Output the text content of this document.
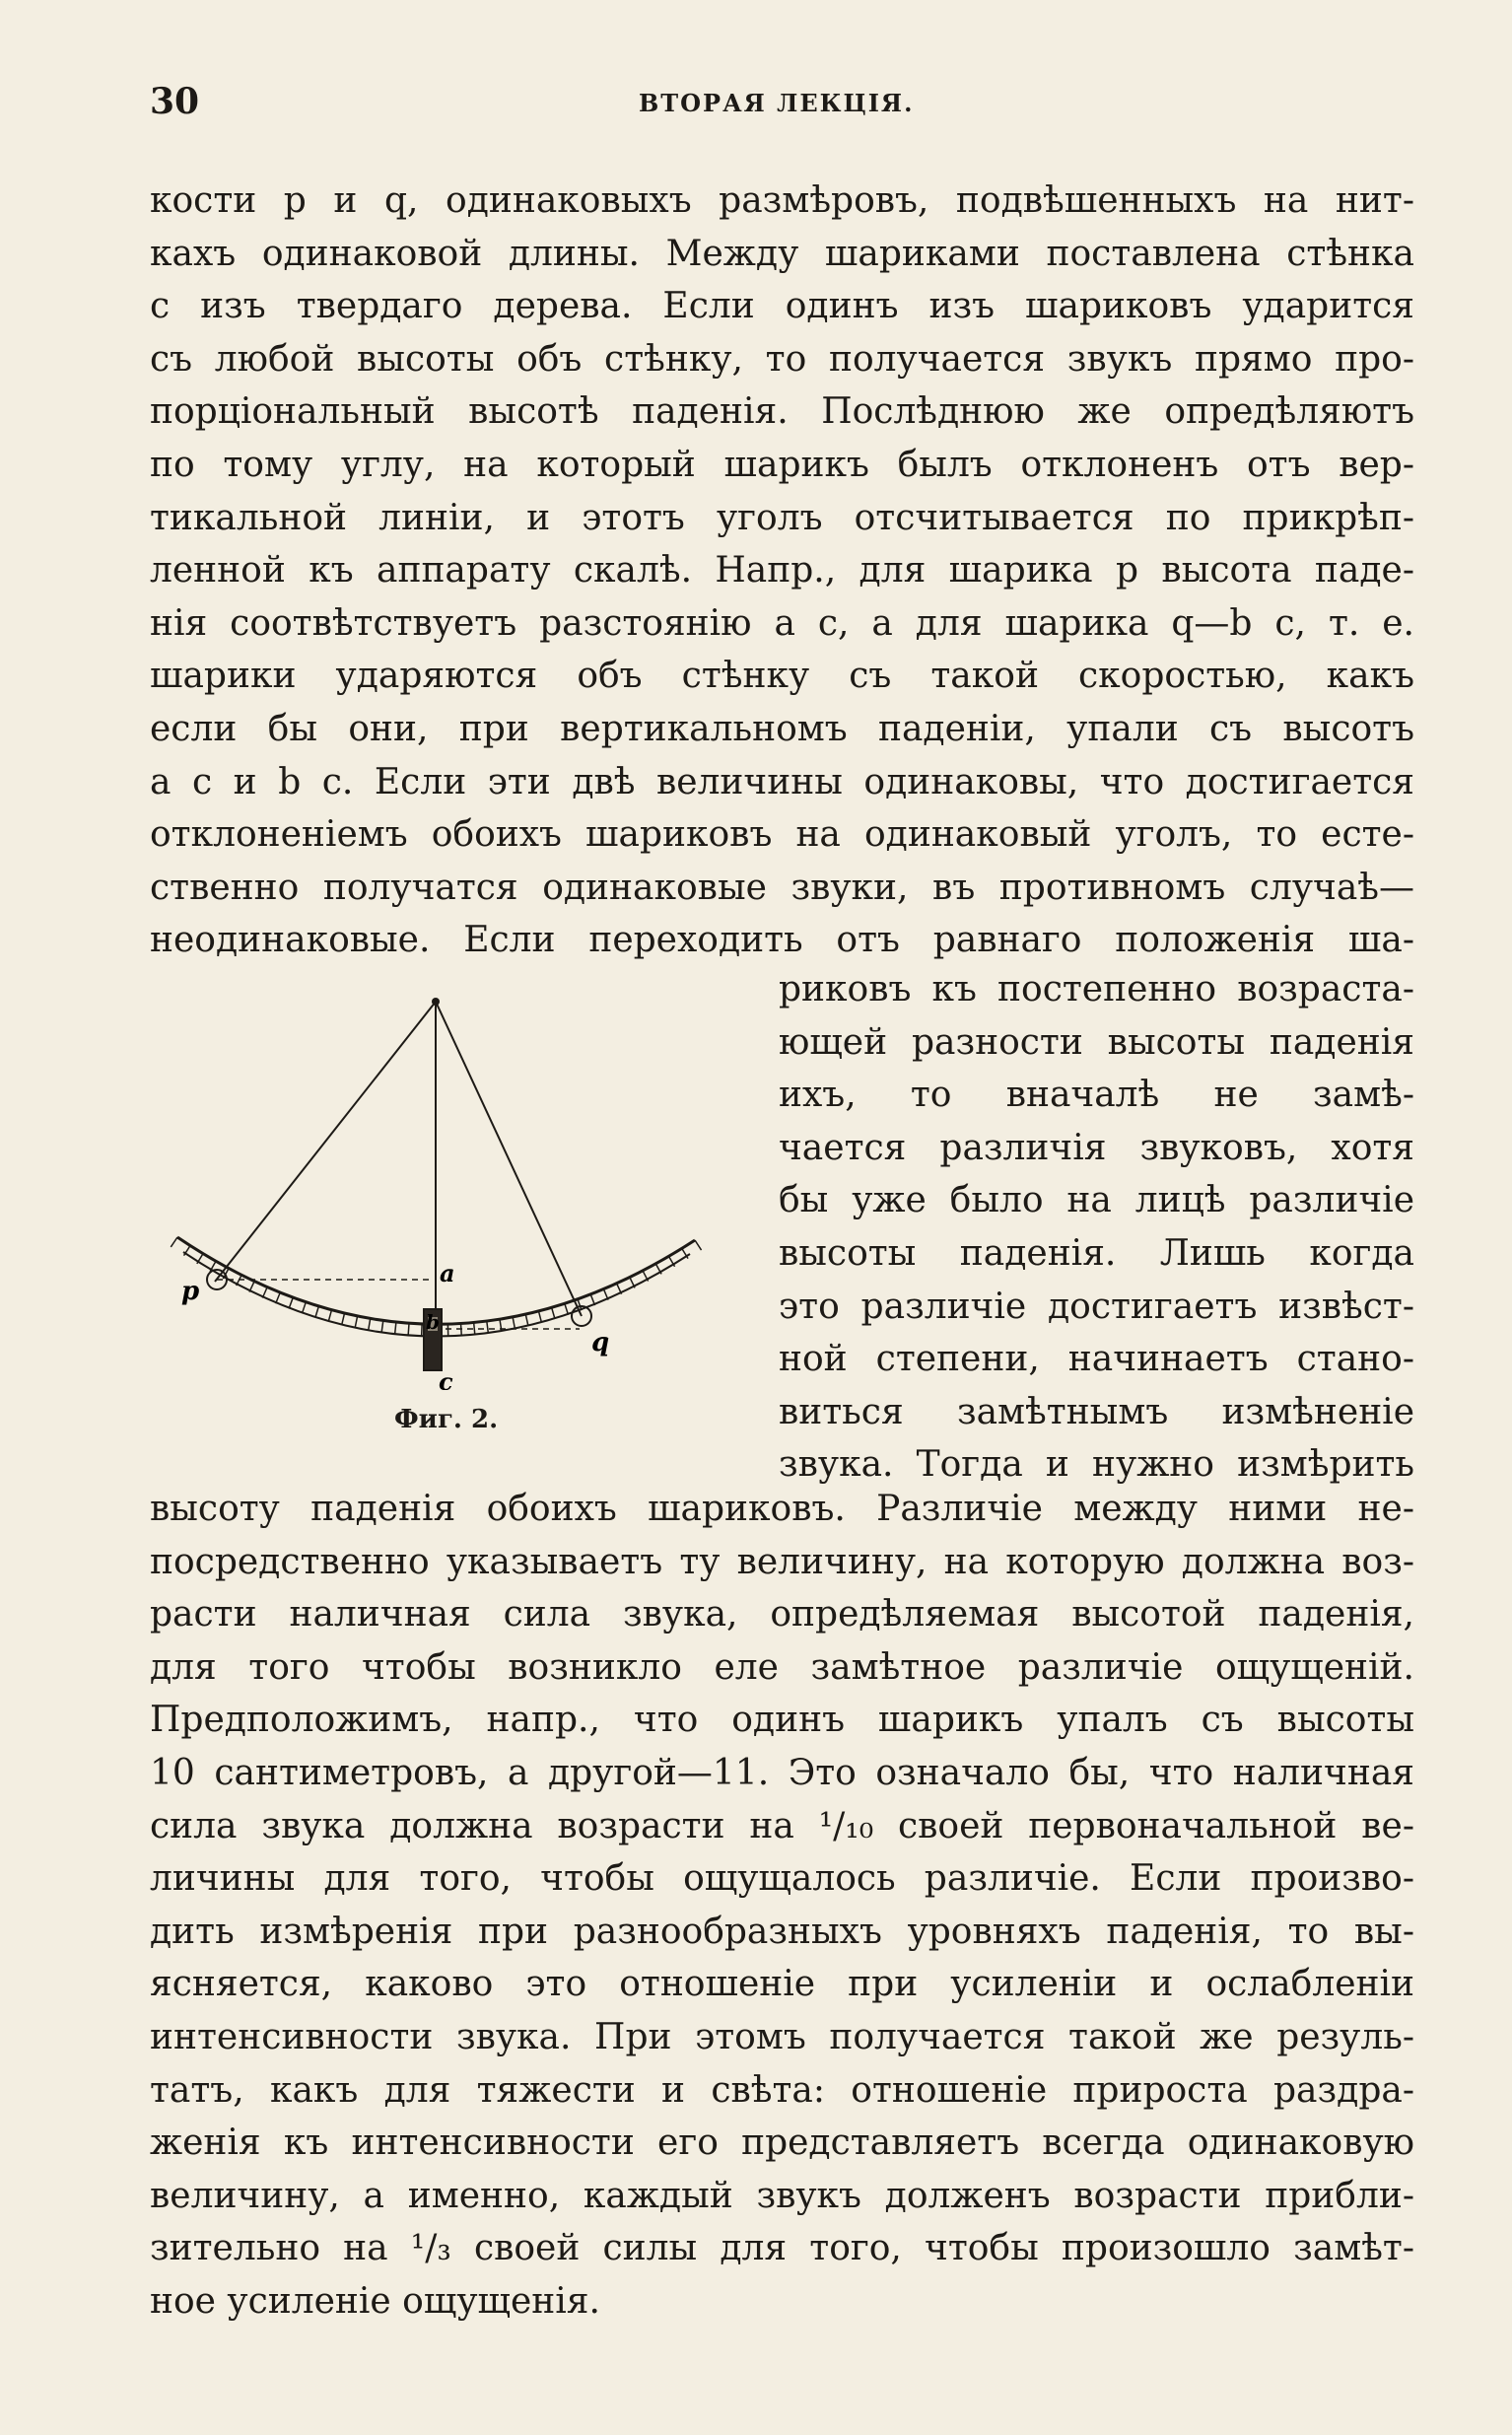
30	ВТОРАЯ ЛЕКЦІЯ.
кости p и q, одинаковыхъ размѣровъ, подвѣшенныхъ на нит-
кахъ одинаковой длины. Между шариками поставлена стѣнка
c изъ твердаго дерева. Если одинъ изъ шариковъ ударится
съ любой высоты объ стѣнку, то получается звукъ прямо про-
порціональный высотѣ паденія. Послѣднюю же опредѣляютъ
по тому углу, на который шарикъ былъ отклоненъ отъ вер-
тикальной линіи, и этотъ уголъ отсчитывается по прикрѣп-
ленной къ аппарату скалѣ. Напр., для шарика p высота паде-
нія соотвѣтствуетъ разстоянію a c, а для шарика q—b c, т. е.
шарики ударяются объ стѣнку съ такой скоростью, какъ
если бы они, при вертикальномъ паденіи, упали съ высотъ
a c и b c. Если эти двѣ величины одинаковы, что достигается
отклоненіемъ обоихъ шариковъ на одинаковый уголъ, то есте-
ственно получатся одинаковые звуки, въ противномъ случаѣ—
неодинаковые. Если переходить отъ равнаго положенія ша-
риковъ къ постепенно возраста-
ющей разности высоты паденія
ихъ, то вначалѣ не замѣ-
чается различія звуковъ, хотя
бы уже было на лицѣ различіе
высоты паденія. Лишь когда
это различіе достигаетъ извѣст-
ной степени, начинаетъ стано-
виться замѣтнымъ измѣненіе
звука. Тогда и нужно измѣрить
высоту паденія обоихъ шариковъ. Различіе между ними не-
посредственно указываетъ ту величину, на которую должна воз-
расти наличная сила звука, опредѣляемая высотой паденія,
для того чтобы возникло еле замѣтное различіе ощущеній.
Предположимъ, напр., что одинъ шарикъ упалъ съ высоты
10 сантиметровъ, а другой—11. Это означало бы, что наличная
сила звука должна возрасти на ¹/₁₀ своей первоначальной ве-
личины для того, чтобы ощущалось различіе. Если произво-
дить измѣренія при разнообразныхъ уровняхъ паденія, то вы-
ясняется, каково это отношеніе при усиленіи и ослабленіи
интенсивности звука. При этомъ получается такой же резуль-
татъ, какъ для тяжести и свѣта: отношеніе прироста раздра-
женія къ интенсивности его представляетъ всегда одинаковую
величину, а именно, каждый звукъ долженъ возрасти прибли-
зительно на ¹/₃ своей силы для того, чтобы произошло замѣт-
ное усиленіе ощущенія.
p
q
a
b
c
Фиг. 2.
